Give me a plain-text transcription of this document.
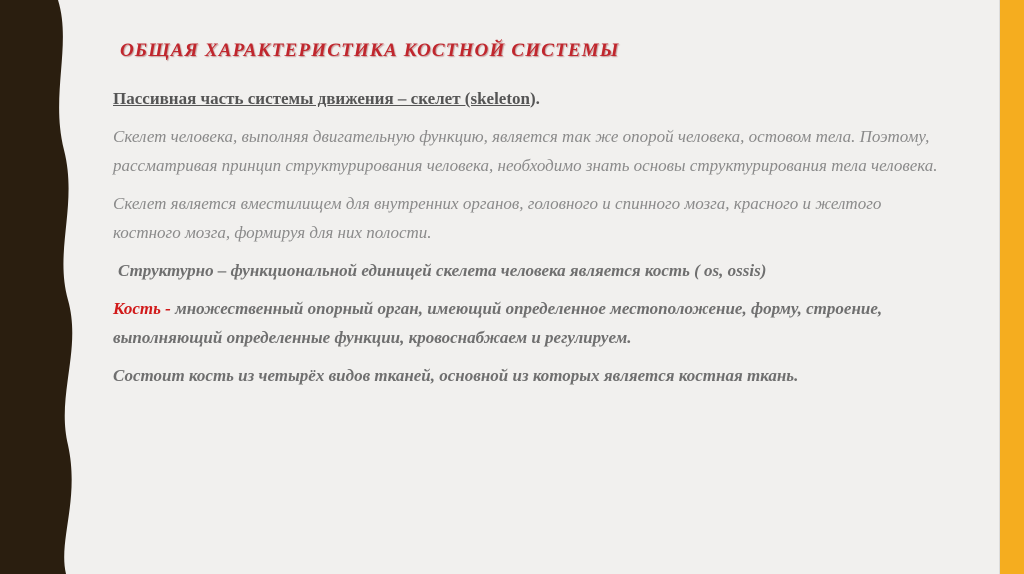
ОБЩАЯ ХАРАКТЕРИСТИКА КОСТНОЙ СИСТЕМЫ

Пассивная часть системы движения – скелет (skeleton).

Скелет человека, выполняя двигательную функцию, является так же опорой человека, остовом тела. Поэтому, рассматривая принцип структурирования человека, необходимо знать основы структурирования тела человека.

Скелет является вместилищем для внутренних органов, головного и спинного мозга, красного и желтого костного мозга, формируя для них полости.

Структурно – функциональной единицей скелета человека является кость ( os, ossis)

Кость - множественный опорный орган, имеющий определенное местоположение, форму, строение, выполняющий определенные функции, кровоснабжаем и регулируем.

Состоит кость из четырёх видов тканей, основной из которых является костная ткань.
